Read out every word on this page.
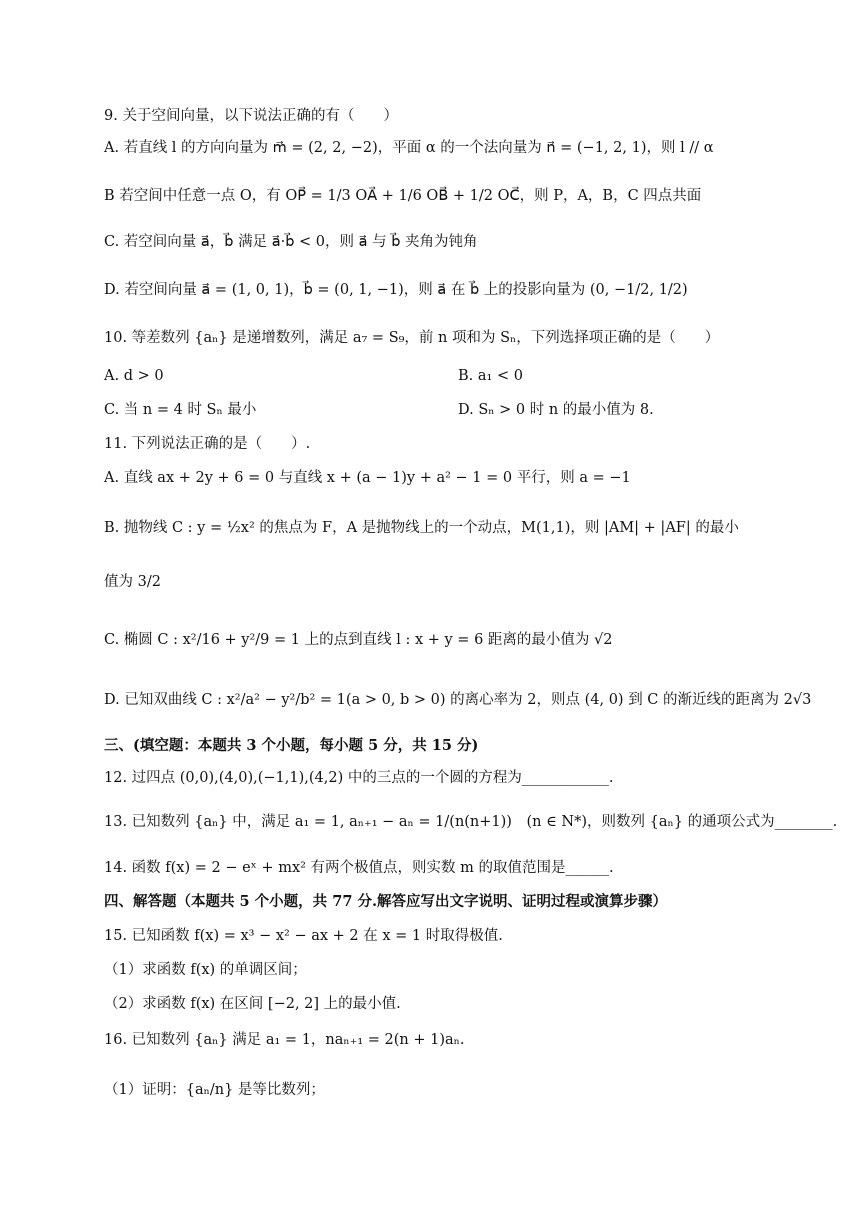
9. 关于空间向量，以下说法正确的有（　　）
A. 若直线 l 的方向向量为 m⃗ = (2, 2, −2)，平面 α 的一个法向量为 n⃗ = (−1, 2, 1)，则 l // α
B 若空间中任意一点 O，有 OP⃗ = 1/3 OA⃗ + 1/6 OB⃗ + 1/2 OC⃗，则 P，A，B，C 四点共面
C. 若空间向量 a⃗，b⃗ 满足 a⃗·b⃗ < 0，则 a⃗ 与 b⃗ 夹角为钝角
D. 若空间向量 a⃗ = (1, 0, 1)，b⃗ = (0, 1, −1)，则 a⃗ 在 b⃗ 上的投影向量为 (0, −1/2, 1/2)
10. 等差数列 {aₙ} 是递增数列，满足 a₇ = S₉，前 n 项和为 Sₙ，下列选择项正确的是（　　）
A. d > 0	B. a₁ < 0
C. 当 n = 4 时 Sₙ 最小	D. Sₙ > 0 时 n 的最小值为 8.
11. 下列说法正确的是（　　）.
A. 直线 ax + 2y + 6 = 0 与直线 x + (a − 1)y + a² − 1 = 0 平行，则 a = −1
B. 抛物线 C : y = ½x² 的焦点为 F，A 是抛物线上的一个动点，M(1,1)，则 |AM| + |AF| 的最小
值为 3/2
C. 椭圆 C : x²/16 + y²/9 = 1 上的点到直线 l : x + y = 6 距离的最小值为 √2
D. 已知双曲线 C : x²/a² − y²/b² = 1(a > 0, b > 0) 的离心率为 2，则点 (4, 0) 到 C 的渐近线的距离为 2√3
三、(填空题：本题共 3 个小题，每小题 5 分，共 15 分)
12. 过四点 (0,0),(4,0),(−1,1),(4,2) 中的三点的一个圆的方程为____________.
13. 已知数列 {aₙ} 中，满足 a₁ = 1, aₙ₊₁ − aₙ = 1/(n(n+1))　(n ∈ N*)，则数列 {aₙ} 的通项公式为________.
14. 函数 f(x) = 2 − eˣ + mx² 有两个极值点，则实数 m 的取值范围是______.
四、解答题（本题共 5 个小题，共 77 分.解答应写出文字说明、证明过程或演算步骤）
15. 已知函数 f(x) = x³ − x² − ax + 2 在 x = 1 时取得极值.
（1）求函数 f(x) 的单调区间；
（2）求函数 f(x) 在区间 [−2, 2] 上的最小值.
16. 已知数列 {aₙ} 满足 a₁ = 1，naₙ₊₁ = 2(n + 1)aₙ.
（1）证明：{aₙ/n} 是等比数列；
